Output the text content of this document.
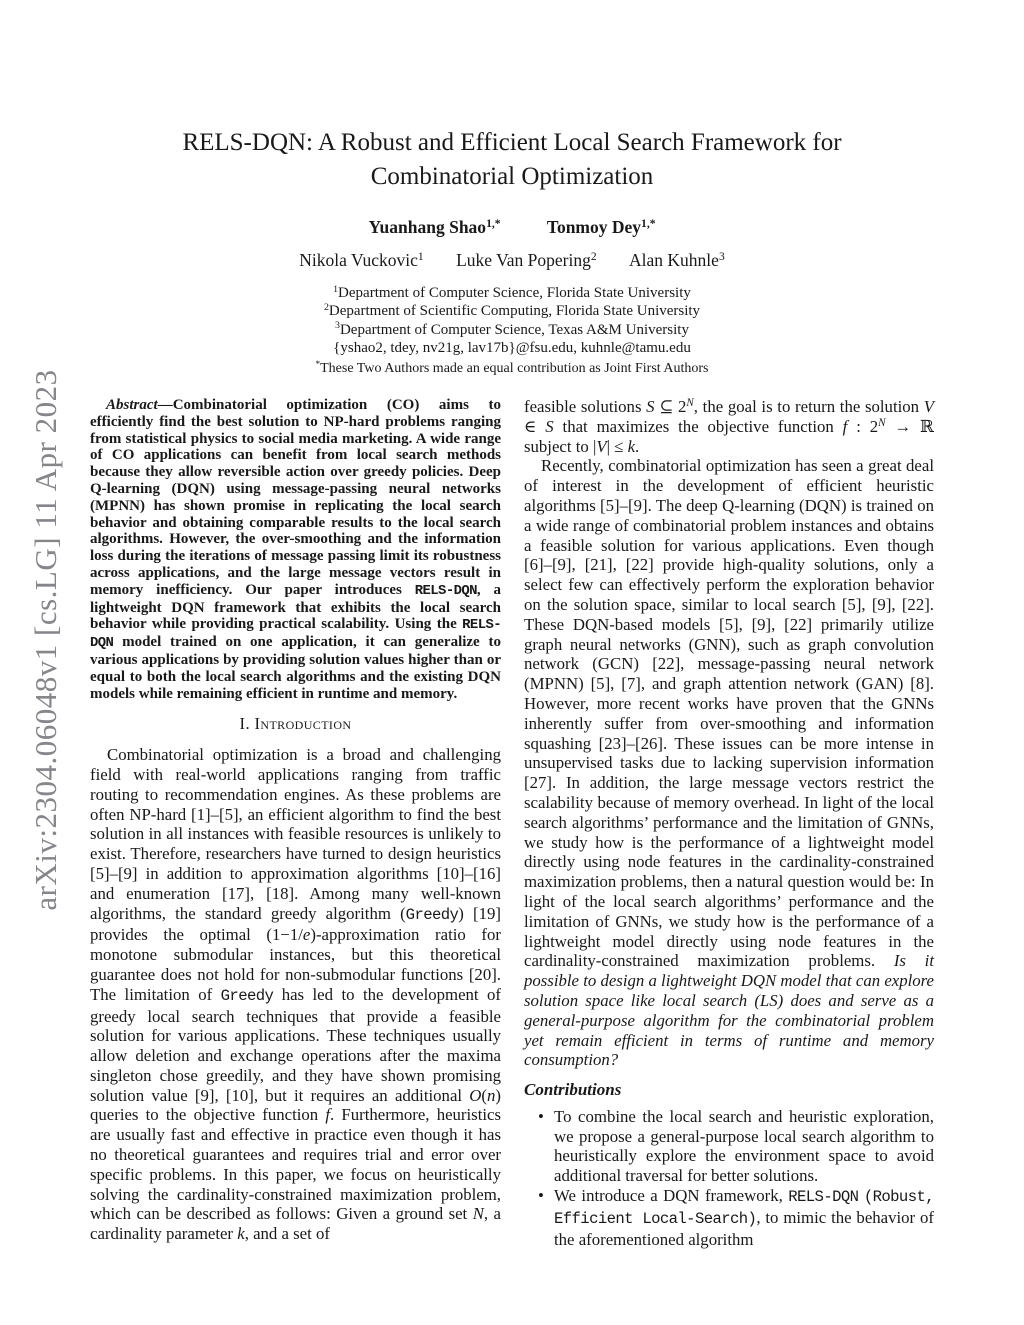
arXiv:2304.06048v1 [cs.LG] 11 Apr 2023
RELS-DQN: A Robust and Efficient Local Search Framework for
Combinatorial Optimization
Yuanhang Shao$^{1,*}$	Tonmoy Dey$^{1,*}$
Nikola Vuckovic$^1$ Luke Van Popering$^2$ Alan Kuhnle$^3$
$^1$Department of Computer Science, Florida State University
$^2$Department of Scientific Computing, Florida State University
$^3$Department of Computer Science, Texas A&M University
{yshao2, tdey, nv21g, lav17b}@fsu.edu, kuhnle@tamu.edu
*These Two Authors made an equal contribution as Joint First Authors

Abstract—Combinatorial optimization (CO) aims to efficiently find the best solution to NP-hard problems ranging from statistical physics to social media marketing. A wide range of CO applications can benefit from local search methods because they allow reversible action over greedy policies. Deep Q-learning (DQN) using message-passing neural networks (MPNN) has shown promise in replicating the local search behavior and obtaining comparable results to the local search algorithms. However, the over-smoothing and the information loss during the iterations of message passing limit its robustness across applications, and the large message vectors result in memory inefficiency. Our paper introduces RELS-DQN, a lightweight DQN framework that exhibits the local search behavior while providing practical scalability. Using the RELS-DQN model trained on one application, it can generalize to various applications by providing solution values higher than or equal to both the local search algorithms and the existing DQN models while remaining efficient in runtime and memory.

I. Introduction

Combinatorial optimization is a broad and challenging field with real-world applications ranging from traffic routing to recommendation engines. As these problems are often NP-hard [1]–[5], an efficient algorithm to find the best solution in all instances with feasible resources is unlikely to exist. Therefore, researchers have turned to design heuristics [5]–[9] in addition to approximation algorithms [10]–[16] and enumeration [17], [18]. Among many well-known algorithms, the standard greedy algorithm (Greedy) [19] provides the optimal (1−1/e)-approximation ratio for monotone submodular instances, but this theoretical guarantee does not hold for non-submodular functions [20]. The limitation of Greedy has led to the development of greedy local search techniques that provide a feasible solution for various applications. These techniques usually allow deletion and exchange operations after the maxima singleton chose greedily, and they have shown promising solution value [9], [10], but it requires an additional O(n) queries to the objective function f. Furthermore, heuristics are usually fast and effective in practice even though it has no theoretical guarantees and requires trial and error over specific problems. In this paper, we focus on heuristically solving the cardinality-constrained maximization problem, which can be described as follows: Given a ground set N, a cardinality parameter k, and a set of

feasible solutions S ⊆ $2^N$, the goal is to return the solution V ∈ S that maximizes the objective function f : $2^N$ → ℝ subject to |V| ≤ k.

Recently, combinatorial optimization has seen a great deal of interest in the development of efficient heuristic algorithms [5]–[9]. The deep Q-learning (DQN) is trained on a wide range of combinatorial problem instances and obtains a feasible solution for various applications. Even though [6]–[9], [21], [22] provide high-quality solutions, only a select few can effectively perform the exploration behavior on the solution space, similar to local search [5], [9], [22]. These DQN-based models [5], [9], [22] primarily utilize graph neural networks (GNN), such as graph convolution network (GCN) [22], message-passing neural network (MPNN) [5], [7], and graph attention network (GAN) [8]. However, more recent works have proven that the GNNs inherently suffer from over-smoothing and information squashing [23]–[26]. These issues can be more intense in unsupervised tasks due to lacking supervision information [27]. In addition, the large message vectors restrict the scalability because of memory overhead. In light of the local search algorithms’ performance and the limitation of GNNs, we study how is the performance of a lightweight model directly using node features in the cardinality-constrained maximization problems, then a natural question would be: In light of the local search algorithms’ performance and the limitation of GNNs, we study how is the performance of a lightweight model directly using node features in the cardinality-constrained maximization problems. Is it possible to design a lightweight DQN model that can explore solution space like local search (LS) does and serve as a general-purpose algorithm for the combinatorial problem yet remain efficient in terms of runtime and memory consumption?

Contributions
• To combine the local search and heuristic exploration, we propose a general-purpose local search algorithm to heuristically explore the environment space to avoid additional traversal for better solutions.
• We introduce a DQN framework, RELS-DQN (Robust, Efficient Local-Search), to mimic the behavior of the aforementioned algorithm
